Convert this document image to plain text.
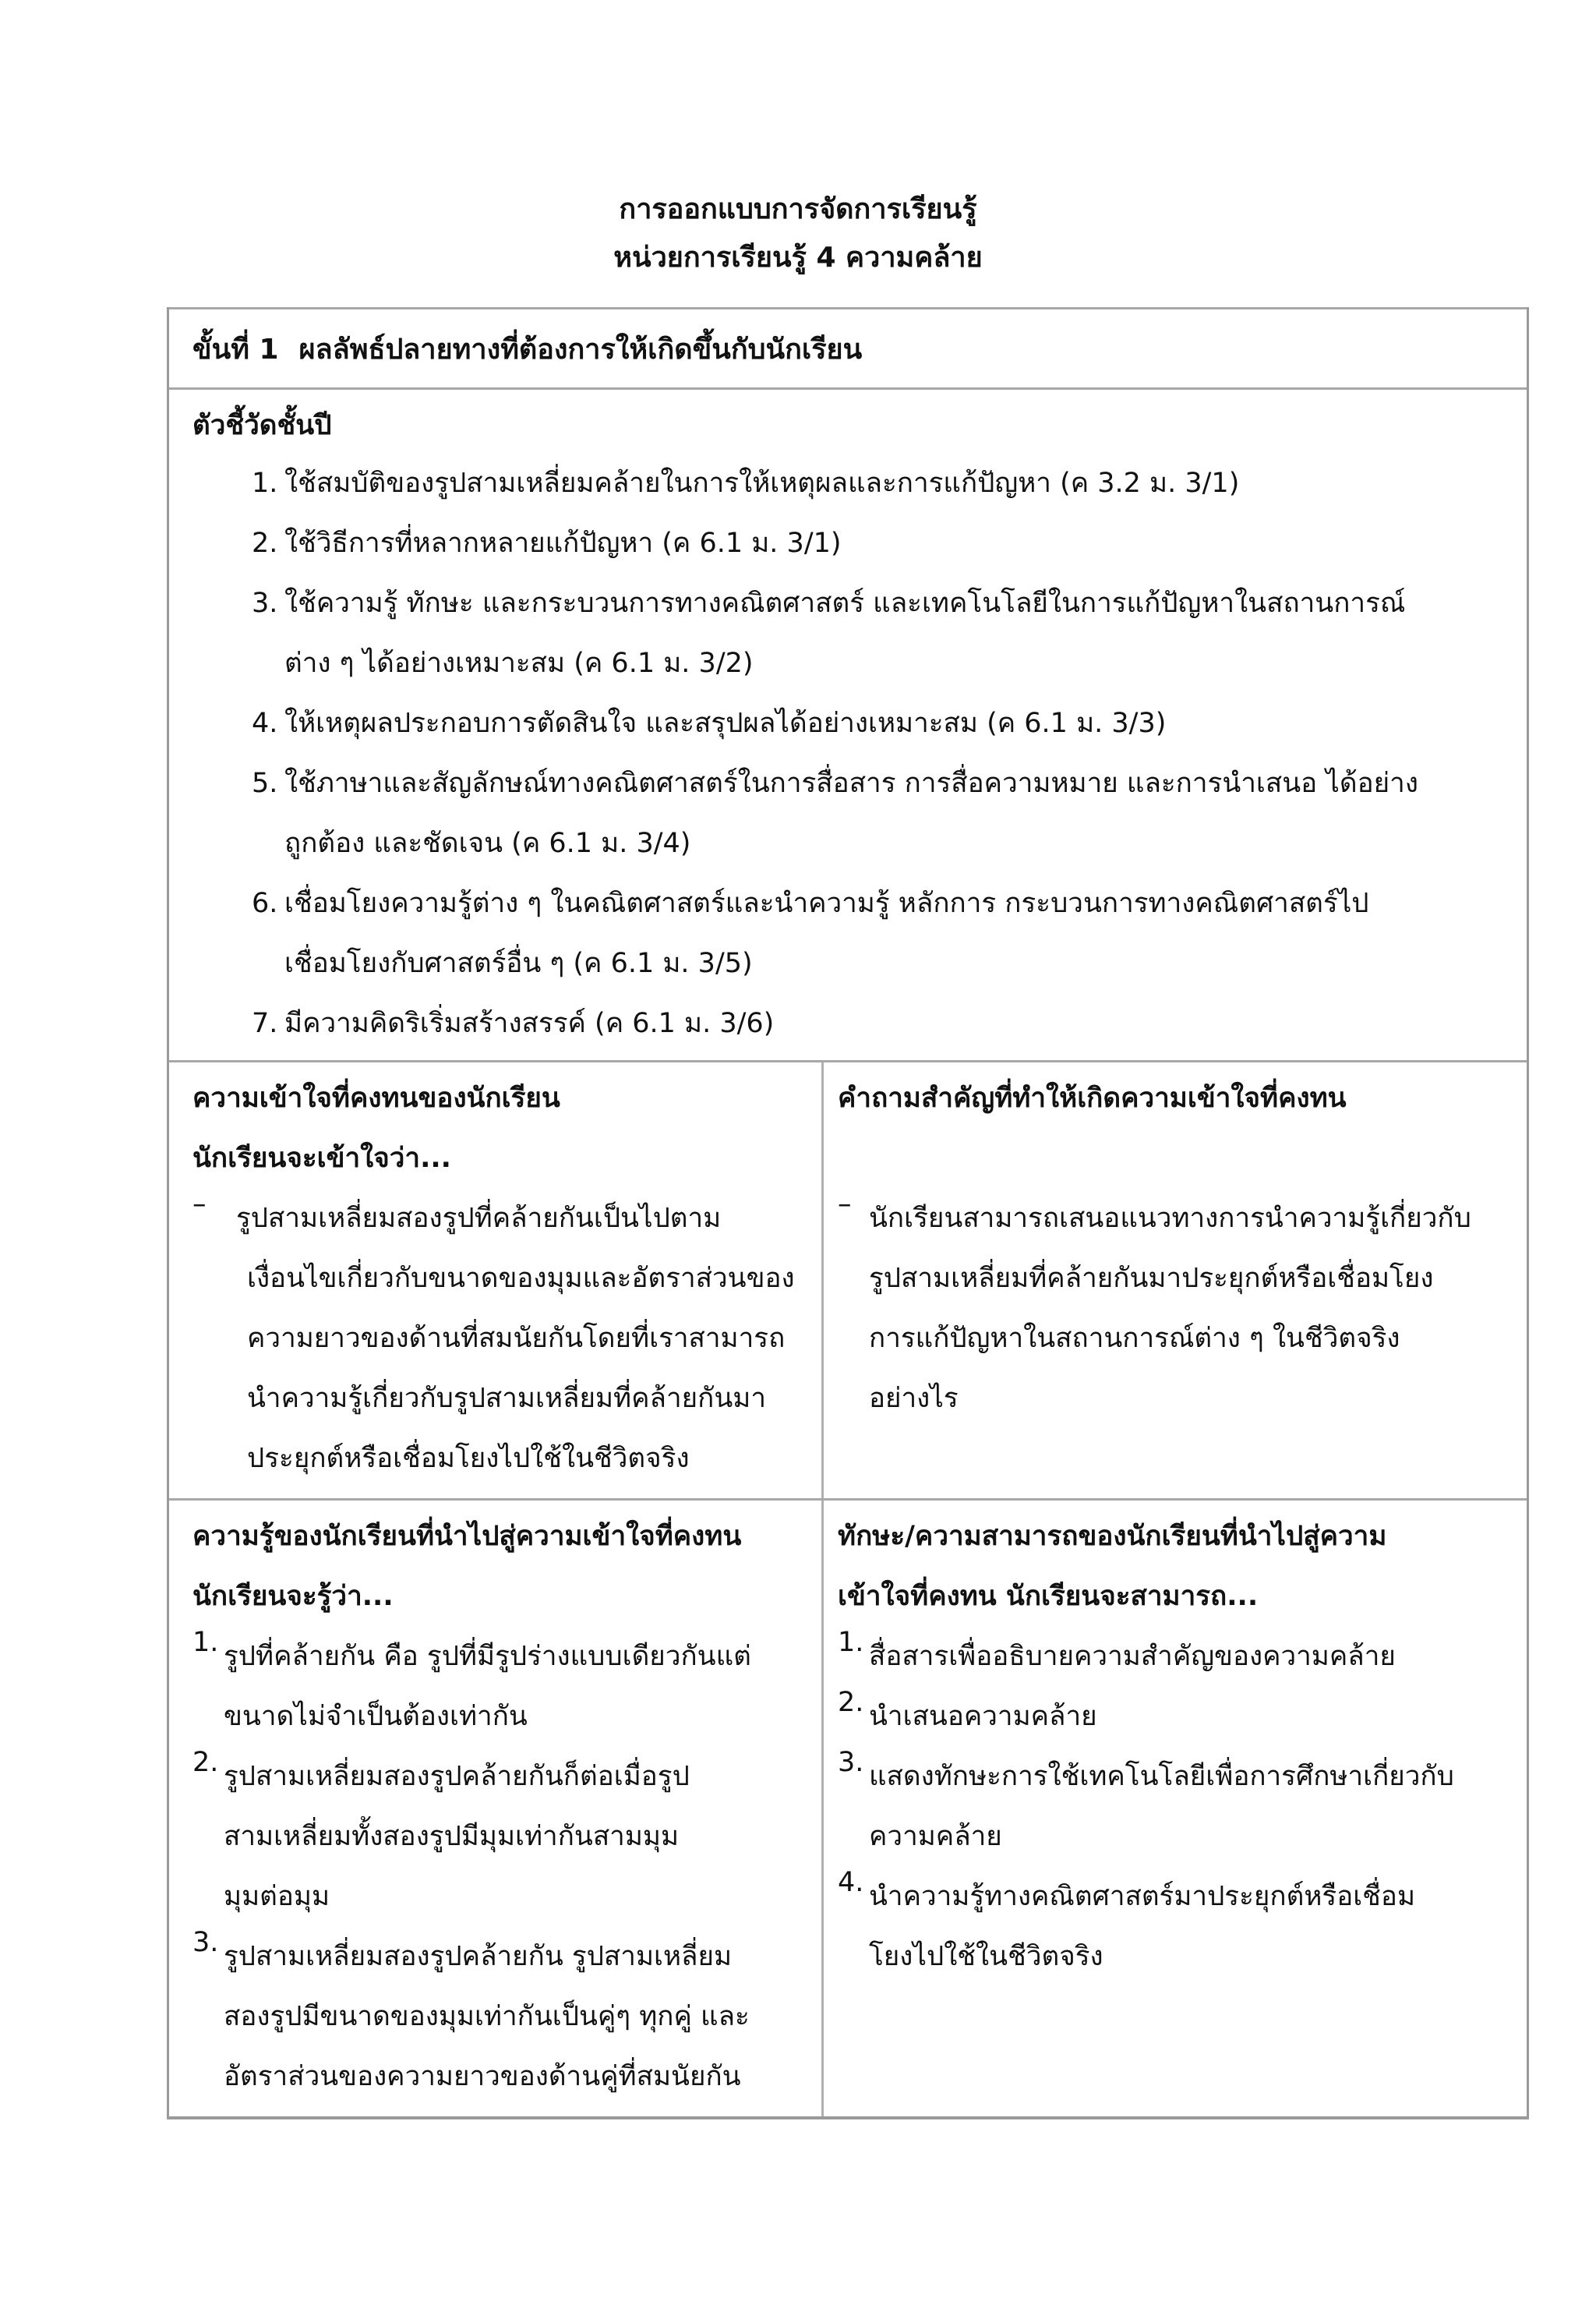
การออกแบบการจัดการเรียนรู้
หน่วยการเรียนรู้ 4 ความคล้าย
ขั้นที่ 1 ผลลัพธ์ปลายทางที่ต้องการให้เกิดขึ้นกับนักเรียน
ตัวชี้วัดชั้นปี
1. ใช้สมบัติของรูปสามเหลี่ยมคล้ายในการให้เหตุผลและการแก้ปัญหา (ค 3.2 ม. 3/1)
2. ใช้วิธีการที่หลากหลายแก้ปัญหา (ค 6.1 ม. 3/1)
3. ใช้ความรู้ ทักษะ และกระบวนการทางคณิตศาสตร์ และเทคโนโลยีในการแก้ปัญหาในสถานการณ์
ต่าง ๆ ได้อย่างเหมาะสม (ค 6.1 ม. 3/2)
4. ให้เหตุผลประกอบการตัดสินใจ และสรุปผลได้อย่างเหมาะสม (ค 6.1 ม. 3/3)
5. ใช้ภาษาและสัญลักษณ์ทางคณิตศาสตร์ในการสื่อสาร การสื่อความหมาย และการนำเสนอ ได้อย่าง
ถูกต้อง และชัดเจน (ค 6.1 ม. 3/4)
6. เชื่อมโยงความรู้ต่าง ๆ ในคณิตศาสตร์และนำความรู้ หลักการ กระบวนการทางคณิตศาสตร์ไป
เชื่อมโยงกับศาสตร์อื่น ๆ (ค 6.1 ม. 3/5)
7. มีความคิดริเริ่มสร้างสรรค์ (ค 6.1 ม. 3/6)
ความเข้าใจที่คงทนของนักเรียน
นักเรียนจะเข้าใจว่า...
–	รูปสามเหลี่ยมสองรูปที่คล้ายกันเป็นไปตาม
เงื่อนไขเกี่ยวกับขนาดของมุมและอัตราส่วนของ
ความยาวของด้านที่สมนัยกันโดยที่เราสามารถ
นำความรู้เกี่ยวกับรูปสามเหลี่ยมที่คล้ายกันมา
ประยุกต์หรือเชื่อมโยงไปใช้ในชีวิตจริง
คำถามสำคัญที่ทำให้เกิดความเข้าใจที่คงทน

– นักเรียนสามารถเสนอแนวทางการนำความรู้เกี่ยวกับ
รูปสามเหลี่ยมที่คล้ายกันมาประยุกต์หรือเชื่อมโยง
การแก้ปัญหาในสถานการณ์ต่าง ๆ ในชีวิตจริง
อย่างไร
ความรู้ของนักเรียนที่นำไปสู่ความเข้าใจที่คงทน
นักเรียนจะรู้ว่า...
1. รูปที่คล้ายกัน คือ รูปที่มีรูปร่างแบบเดียวกันแต่
ขนาดไม่จำเป็นต้องเท่ากัน
2. รูปสามเหลี่ยมสองรูปคล้ายกันก็ต่อเมื่อรูป
สามเหลี่ยมทั้งสองรูปมีมุมเท่ากันสามมุม
มุมต่อมุม
3. รูปสามเหลี่ยมสองรูปคล้ายกัน รูปสามเหลี่ยม
สองรูปมีขนาดของมุมเท่ากันเป็นคู่ๆ ทุกคู่ และ
อัตราส่วนของความยาวของด้านคู่ที่สมนัยกัน
ทักษะ/ความสามารถของนักเรียนที่นำไปสู่ความ
เข้าใจที่คงทน นักเรียนจะสามารถ...
1. สื่อสารเพื่ออธิบายความสำคัญของความคล้าย
2. นำเสนอความคล้าย
3. แสดงทักษะการใช้เทคโนโลยีเพื่อการศึกษาเกี่ยวกับ
ความคล้าย
4. นำความรู้ทางคณิตศาสตร์มาประยุกต์หรือเชื่อม
โยงไปใช้ในชีวิตจริง
